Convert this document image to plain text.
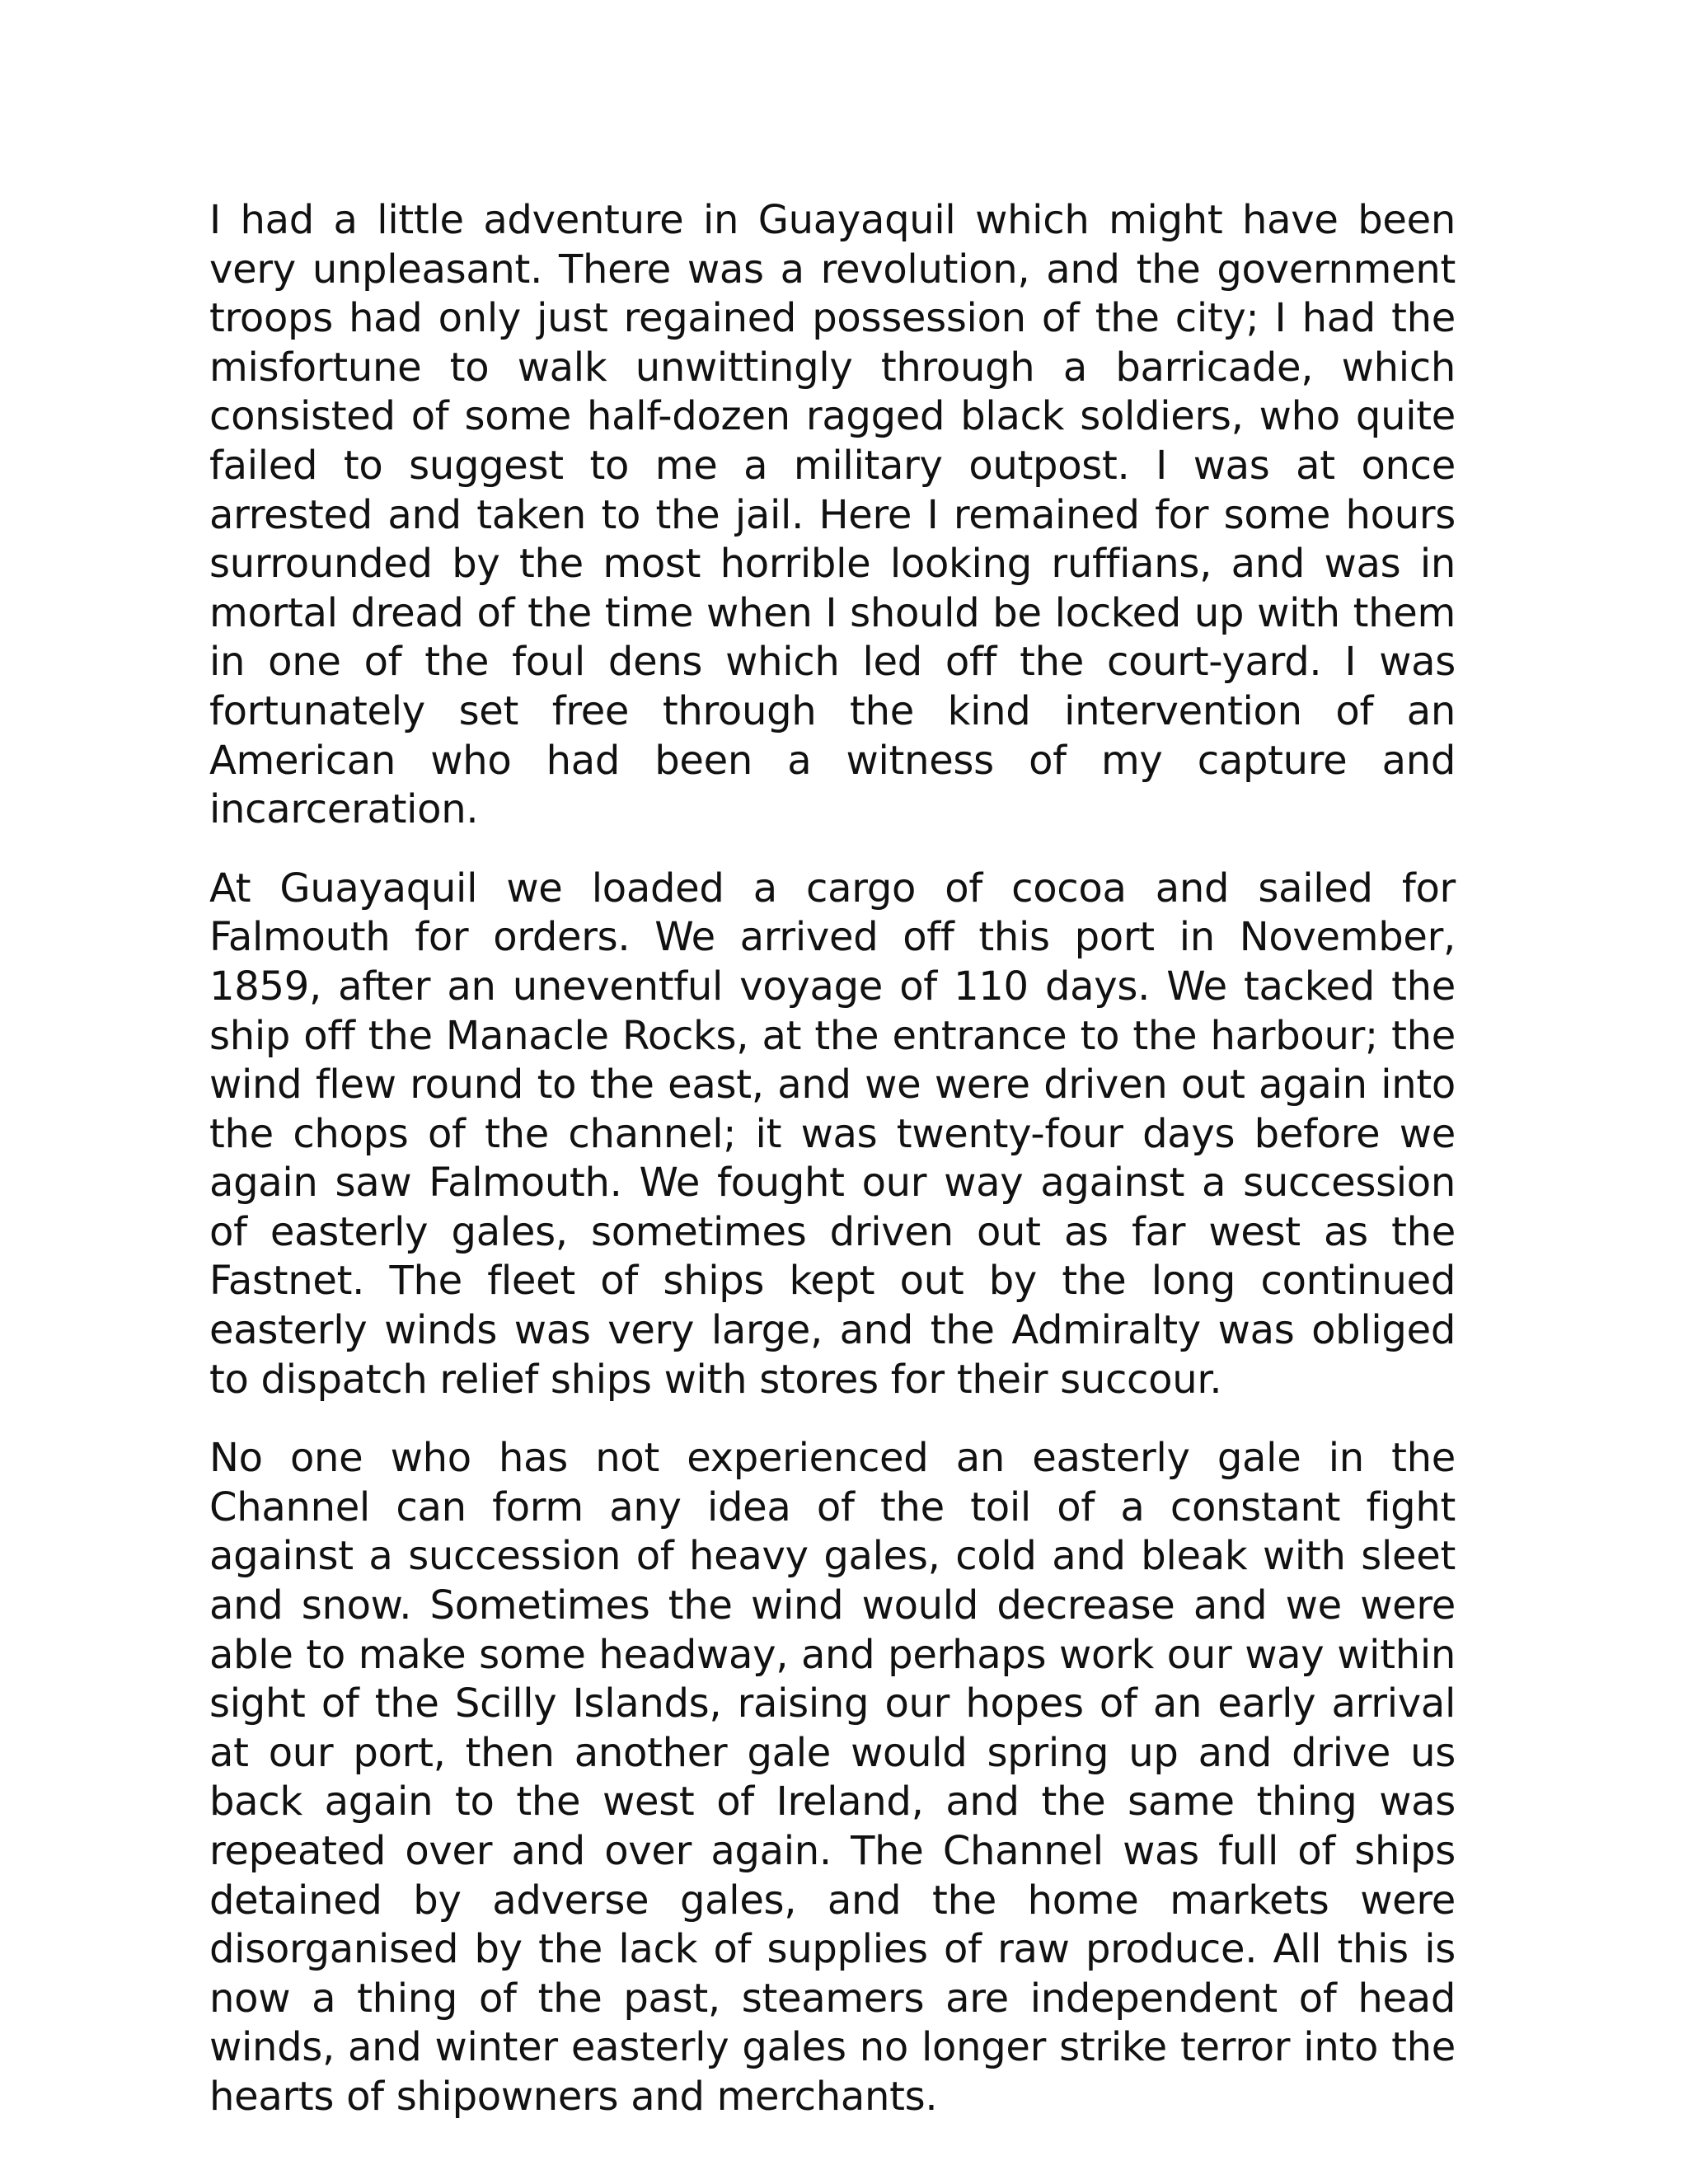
I had a little adventure in Guayaquil which might have been very unpleasant. There was a revolution, and the government troops had only just regained possession of the city; I had the misfortune to walk unwittingly through a barricade, which consisted of some half-dozen ragged black soldiers, who quite failed to suggest to me a military outpost. I was at once arrested and taken to the jail. Here I remained for some hours surrounded by the most horrible looking ruffians, and was in mortal dread of the time when I should be locked up with them in one of the foul dens which led off the court-yard. I was fortunately set free through the kind intervention of an American who had been a witness of my capture and incarceration.

At Guayaquil we loaded a cargo of cocoa and sailed for Falmouth for orders. We arrived off this port in November, 1859, after an uneventful voyage of 110 days. We tacked the ship off the Manacle Rocks, at the entrance to the harbour; the wind flew round to the east, and we were driven out again into the chops of the channel; it was twenty-four days before we again saw Falmouth. We fought our way against a succession of easterly gales, sometimes driven out as far west as the Fastnet. The fleet of ships kept out by the long continued easterly winds was very large, and the Admiralty was obliged to dispatch relief ships with stores for their succour.

No one who has not experienced an easterly gale in the Channel can form any idea of the toil of a constant fight against a succession of heavy gales, cold and bleak with sleet and snow. Sometimes the wind would decrease and we were able to make some headway, and perhaps work our way within sight of the Scilly Islands, raising our hopes of an early arrival at our port, then another gale would spring up and drive us back again to the west of Ireland, and the same thing was repeated over and over again. The Channel was full of ships detained by adverse gales, and the home markets were disorganised by the lack of supplies of raw produce. All this is now a thing of the past, steamers are independent of head winds, and winter easterly gales no longer strike terror into the hearts of shipowners and merchants.
